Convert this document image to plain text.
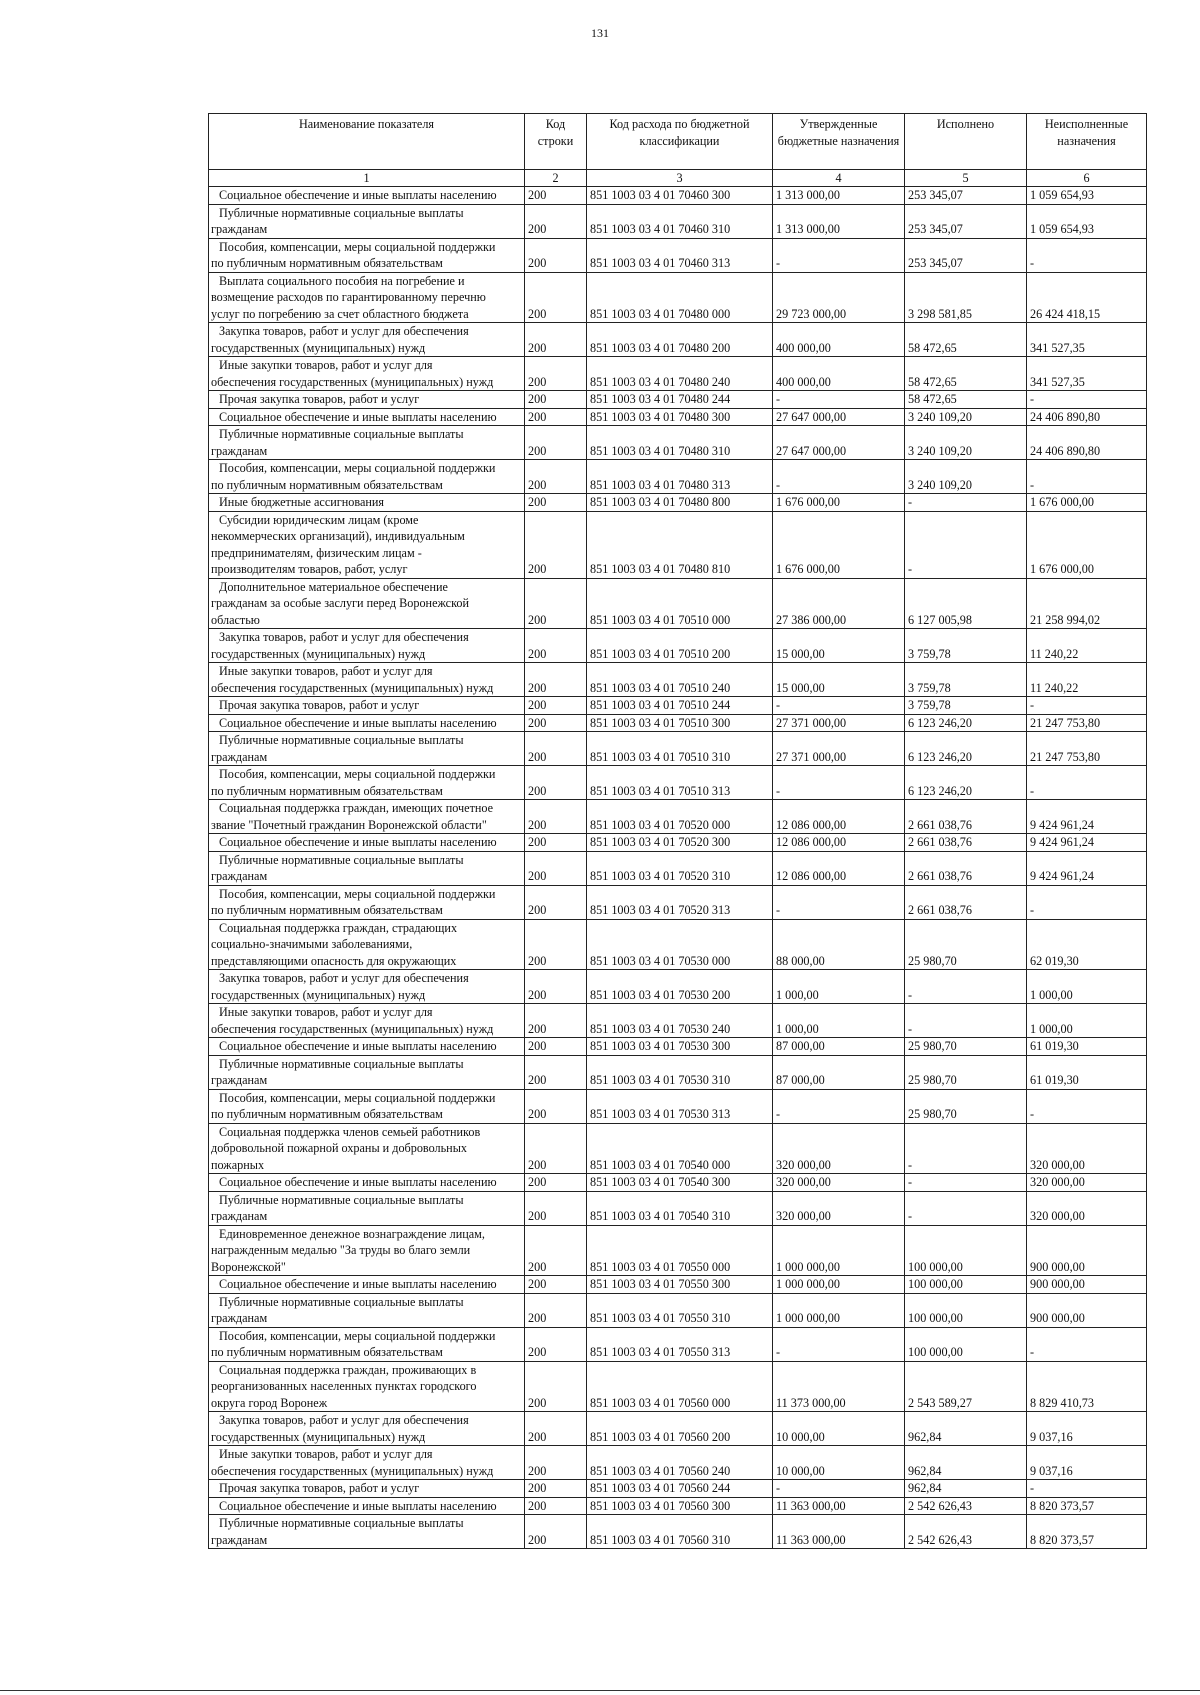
131
Наименование показателя	Код строки	Код расхода по бюджетной классификации	Утвержденные бюджетные назначения	Исполнено	Неисполненные назначения
1	2	3	4	5	6

Социальное обеспечение и иные выплаты населению	200	851 1003 03 4 01 70460 300	1 313 000,00	253 345,07	1 059 654,93

Публичные нормативные социальные выплаты
гражданам	200	851 1003 03 4 01 70460 310	1 313 000,00	253 345,07	1 059 654,93

Пособия, компенсации, меры социальной поддержки
по публичным нормативным обязательствам	200	851 1003 03 4 01 70460 313	-	253 345,07	-

Выплата социального пособия на погребение и
возмещение расходов по гарантированному перечню
услуг по погребению за счет областного бюджета	200	851 1003 03 4 01 70480 000	29 723 000,00	3 298 581,85	26 424 418,15

Закупка товаров, работ и услуг для обеспечения
государственных (муниципальных) нужд	200	851 1003 03 4 01 70480 200	400 000,00	58 472,65	341 527,35

Иные закупки товаров, работ и услуг для
обеспечения государственных (муниципальных) нужд	200	851 1003 03 4 01 70480 240	400 000,00	58 472,65	341 527,35

Прочая закупка товаров, работ и услуг	200	851 1003 03 4 01 70480 244	-	58 472,65	-

Социальное обеспечение и иные выплаты населению	200	851 1003 03 4 01 70480 300	27 647 000,00	3 240 109,20	24 406 890,80

Публичные нормативные социальные выплаты
гражданам	200	851 1003 03 4 01 70480 310	27 647 000,00	3 240 109,20	24 406 890,80

Пособия, компенсации, меры социальной поддержки
по публичным нормативным обязательствам	200	851 1003 03 4 01 70480 313	-	3 240 109,20	-

Иные бюджетные ассигнования	200	851 1003 03 4 01 70480 800	1 676 000,00	-	1 676 000,00

Субсидии юридическим лицам (кроме
некоммерческих организаций), индивидуальным
предпринимателям, физическим лицам -
производителям товаров, работ, услуг	200	851 1003 03 4 01 70480 810	1 676 000,00	-	1 676 000,00

Дополнительное материальное обеспечение
гражданам за особые заслуги перед Воронежской
областью	200	851 1003 03 4 01 70510 000	27 386 000,00	6 127 005,98	21 258 994,02

Закупка товаров, работ и услуг для обеспечения
государственных (муниципальных) нужд	200	851 1003 03 4 01 70510 200	15 000,00	3 759,78	11 240,22

Иные закупки товаров, работ и услуг для
обеспечения государственных (муниципальных) нужд	200	851 1003 03 4 01 70510 240	15 000,00	3 759,78	11 240,22

Прочая закупка товаров, работ и услуг	200	851 1003 03 4 01 70510 244	-	3 759,78	-

Социальное обеспечение и иные выплаты населению	200	851 1003 03 4 01 70510 300	27 371 000,00	6 123 246,20	21 247 753,80

Публичные нормативные социальные выплаты
гражданам	200	851 1003 03 4 01 70510 310	27 371 000,00	6 123 246,20	21 247 753,80

Пособия, компенсации, меры социальной поддержки
по публичным нормативным обязательствам	200	851 1003 03 4 01 70510 313	-	6 123 246,20	-

Социальная поддержка граждан, имеющих почетное
звание "Почетный гражданин Воронежской области"	200	851 1003 03 4 01 70520 000	12 086 000,00	2 661 038,76	9 424 961,24

Социальное обеспечение и иные выплаты населению	200	851 1003 03 4 01 70520 300	12 086 000,00	2 661 038,76	9 424 961,24

Публичные нормативные социальные выплаты
гражданам	200	851 1003 03 4 01 70520 310	12 086 000,00	2 661 038,76	9 424 961,24

Пособия, компенсации, меры социальной поддержки
по публичным нормативным обязательствам	200	851 1003 03 4 01 70520 313	-	2 661 038,76	-

Социальная поддержка граждан, страдающих
социально-значимыми заболеваниями,
представляющими опасность для окружающих	200	851 1003 03 4 01 70530 000	88 000,00	25 980,70	62 019,30

Закупка товаров, работ и услуг для обеспечения
государственных (муниципальных) нужд	200	851 1003 03 4 01 70530 200	1 000,00	-	1 000,00

Иные закупки товаров, работ и услуг для
обеспечения государственных (муниципальных) нужд	200	851 1003 03 4 01 70530 240	1 000,00	-	1 000,00

Социальное обеспечение и иные выплаты населению	200	851 1003 03 4 01 70530 300	87 000,00	25 980,70	61 019,30

Публичные нормативные социальные выплаты
гражданам	200	851 1003 03 4 01 70530 310	87 000,00	25 980,70	61 019,30

Пособия, компенсации, меры социальной поддержки
по публичным нормативным обязательствам	200	851 1003 03 4 01 70530 313	-	25 980,70	-

Социальная поддержка членов семьей работников
добровольной пожарной охраны и добровольных
пожарных	200	851 1003 03 4 01 70540 000	320 000,00	-	320 000,00

Социальное обеспечение и иные выплаты населению	200	851 1003 03 4 01 70540 300	320 000,00	-	320 000,00

Публичные нормативные социальные выплаты
гражданам	200	851 1003 03 4 01 70540 310	320 000,00	-	320 000,00

Единовременное денежное вознаграждение лицам,
награжденным медалью "За труды во благо земли
Воронежской"	200	851 1003 03 4 01 70550 000	1 000 000,00	100 000,00	900 000,00

Социальное обеспечение и иные выплаты населению	200	851 1003 03 4 01 70550 300	1 000 000,00	100 000,00	900 000,00

Публичные нормативные социальные выплаты
гражданам	200	851 1003 03 4 01 70550 310	1 000 000,00	100 000,00	900 000,00

Пособия, компенсации, меры социальной поддержки
по публичным нормативным обязательствам	200	851 1003 03 4 01 70550 313	-	100 000,00	-

Социальная поддержка граждан, проживающих в
реорганизованных населенных пунктах городского
округа город Воронеж	200	851 1003 03 4 01 70560 000	11 373 000,00	2 543 589,27	8 829 410,73

Закупка товаров, работ и услуг для обеспечения
государственных (муниципальных) нужд	200	851 1003 03 4 01 70560 200	10 000,00	962,84	9 037,16

Иные закупки товаров, работ и услуг для
обеспечения государственных (муниципальных) нужд	200	851 1003 03 4 01 70560 240	10 000,00	962,84	9 037,16

Прочая закупка товаров, работ и услуг	200	851 1003 03 4 01 70560 244	-	962,84	-

Социальное обеспечение и иные выплаты населению	200	851 1003 03 4 01 70560 300	11 363 000,00	2 542 626,43	8 820 373,57

Публичные нормативные социальные выплаты
гражданам	200	851 1003 03 4 01 70560 310	11 363 000,00	2 542 626,43	8 820 373,57
